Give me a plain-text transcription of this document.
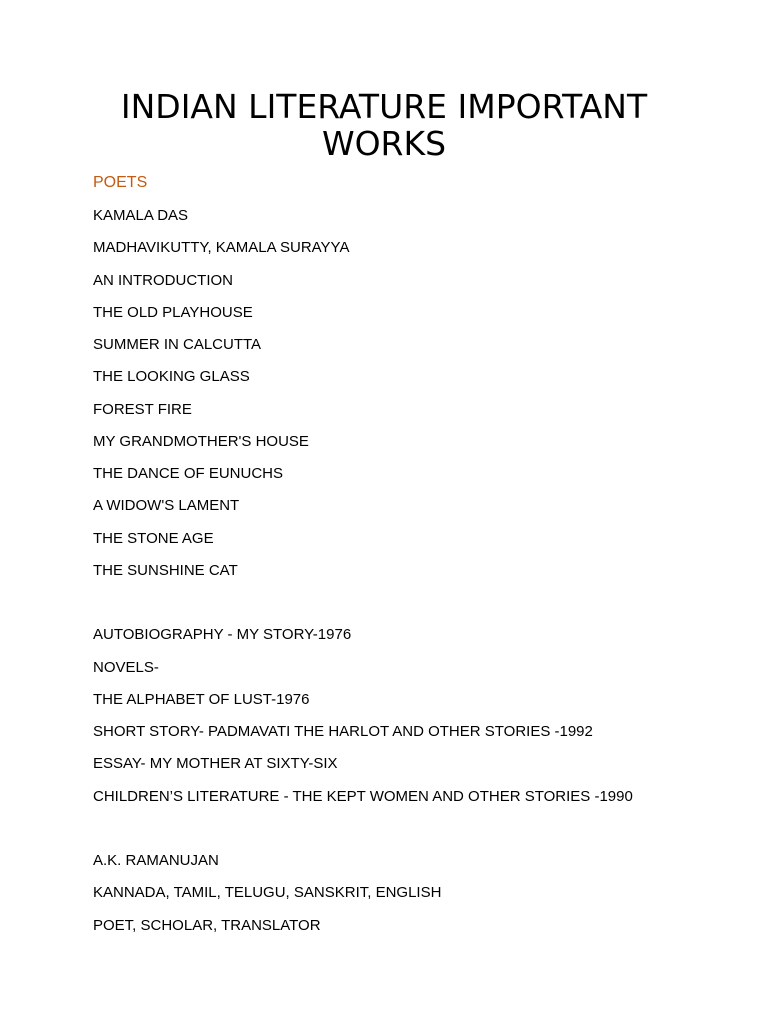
INDIAN LITERATURE IMPORTANT WORKS
POETS
KAMALA DAS
MADHAVIKUTTY, KAMALA SURAYYA
AN INTRODUCTION
THE OLD PLAYHOUSE
SUMMER IN CALCUTTA
THE LOOKING GLASS
FOREST FIRE
MY GRANDMOTHER'S HOUSE
THE DANCE OF EUNUCHS
A WIDOW'S LAMENT
THE STONE AGE
THE SUNSHINE CAT
AUTOBIOGRAPHY - MY STORY-1976
NOVELS-
THE ALPHABET OF LUST-1976
SHORT STORY- PADMAVATI THE HARLOT AND OTHER STORIES -1992
ESSAY- MY MOTHER AT SIXTY-SIX
CHILDREN’S LITERATURE - THE KEPT WOMEN AND OTHER STORIES -1990
A.K. RAMANUJAN
KANNADA, TAMIL, TELUGU, SANSKRIT, ENGLISH
POET, SCHOLAR, TRANSLATOR
